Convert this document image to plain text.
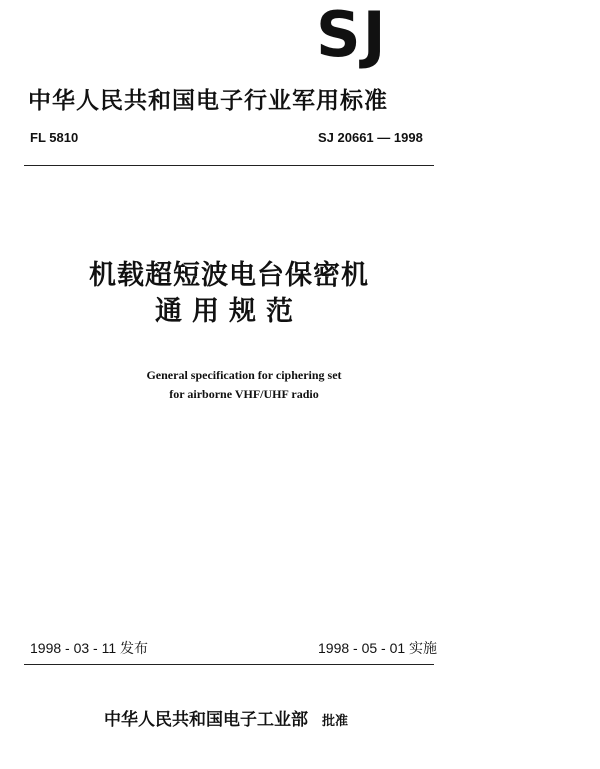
SJ
中华人民共和国电子行业军用标准
FL 5810	SJ 20661 — 1998
机载超短波电台保密机
通用规范
General specification for ciphering set
for airborne VHF/UHF radio
1998 - 03 - 11 发布	1998 - 05 - 01 实施
中华人民共和国电子工业部 批准
